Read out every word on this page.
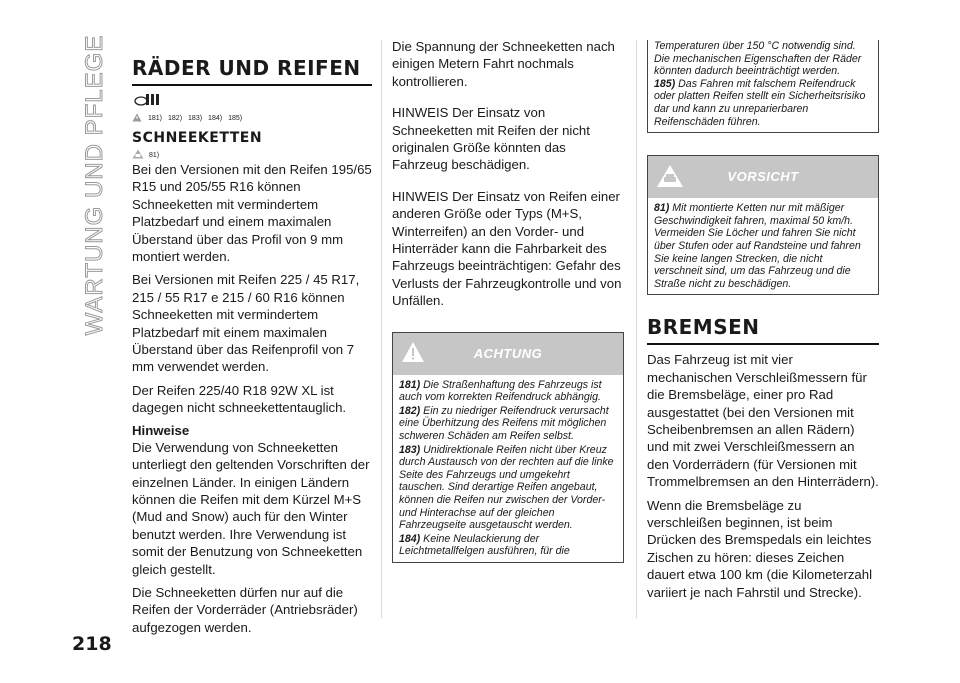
WARTUNG UND PFLEGE RÄDER UND REIFEN
181) 182) 183) 184) 185)
SCHNEEKETTEN
81)

Bei den Versionen mit den Reifen 195/65 R15 und 205/55 R16 können Schneeketten mit vermindertem Platzbedarf und einem maximalen Überstand über das Profil von 9 mm montiert werden.

Bei Versionen mit Reifen 225 / 45 R17, 215 / 55 R17 e 215 / 60 R16 können Schneeketten mit vermindertem Platzbedarf mit einem maximalen Überstand über das Reifenprofil von 7 mm verwendet werden.

Der Reifen 225/40 R18 92W XL ist dagegen nicht schneekettentauglich.

Hinweise

Die Verwendung von Schneeketten unterliegt den geltenden Vorschriften der einzelnen Länder. In einigen Ländern können die Reifen mit dem Kürzel M+S (Mud and Snow) auch für den Winter benutzt werden. Ihre Verwendung ist somit der Benutzung von Schneeketten gleich gestellt.

Die Schneeketten dürfen nur auf die Reifen der Vorderräder (Antriebsräder) aufgezogen werden.

Die Spannung der Schneeketten nach einigen Metern Fahrt nochmals kontrollieren.

HINWEIS Der Einsatz von Schneeketten mit Reifen der nicht originalen Größe könnten das Fahrzeug beschädigen.

HINWEIS Der Einsatz von Reifen einer anderen Größe oder Typs (M+S, Winterreifen) an den Vorder- und Hinterräder kann die Fahrbarkeit des Fahrzeugs beeinträchtigen: Gefahr des Verlusts der Fahrzeugkontrolle und von Unfällen.

ACHTUNG
181) Die Straßenhaftung des Fahrzeugs ist auch vom korrekten Reifendruck abhängig.
182) Ein zu niedriger Reifendruck verursacht eine Überhitzung des Reifens mit möglichen schweren Schäden am Reifen selbst.
183) Unidirektionale Reifen nicht über Kreuz durch Austausch von der rechten auf die linke Seite des Fahrzeugs und umgekehrt tauschen. Sind derartige Reifen angebaut, können die Reifen nur zwischen der Vorder- und Hinterachse auf der gleichen Fahrzeugseite ausgetauscht werden.
184) Keine Neulackierung der Leichtmetallfelgen ausführen, für die
Temperaturen über 150 °C notwendig sind. Die mechanischen Eigenschaften der Räder könnten dadurch beeinträchtigt werden.
185) Das Fahren mit falschem Reifendruck oder platten Reifen stellt ein Sicherheitsrisiko dar und kann zu unreparierbaren Reifenschäden führen.
VORSICHT
81) Mit montierte Ketten nur mit mäßiger Geschwindigkeit fahren, maximal 50 km/h. Vermeiden Sie Löcher und fahren Sie nicht über Stufen oder auf Randsteine und fahren Sie keine langen Strecken, die nicht verschneit sind, um das Fahrzeug und die Straße nicht zu beschädigen.
BREMSEN

Das Fahrzeug ist mit vier mechanischen Verschleißmessern für die Bremsbeläge, einer pro Rad ausgestattet (bei den Versionen mit Scheibenbremsen an allen Rädern) und mit zwei Verschleißmessern an den Vorderrädern (für Versionen mit Trommelbremsen an den Hinterrädern).

Wenn die Bremsbeläge zu verschleißen beginnen, ist beim Drücken des Bremspedals ein leichtes Zischen zu hören: dieses Zeichen dauert etwa 100 km (die Kilometerzahl variiert je nach Fahrstil und Strecke).

218
